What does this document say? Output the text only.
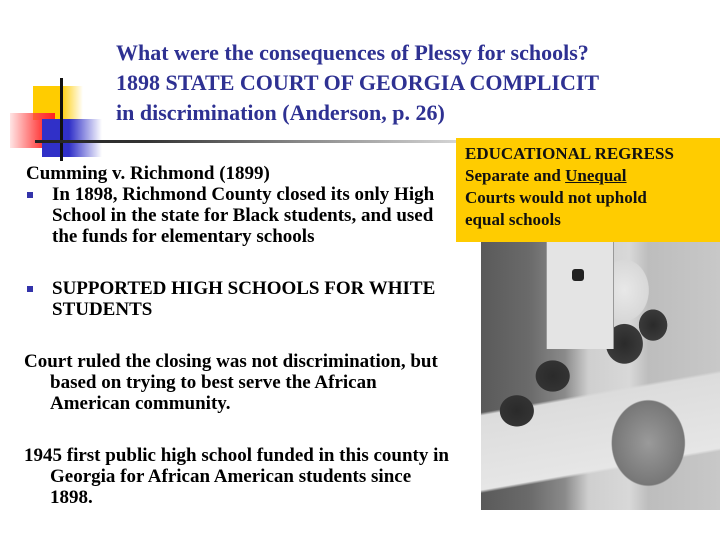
What were the consequences of Plessy for schools?
1898 STATE COURT OF GEORGIA COMPLICIT
in discrimination (Anderson, p. 26)
EDUCATIONAL REGRESS
Separate and Unequal
Courts would not uphold
equal schools

Cumming v. Richmond (1899)

In 1898, Richmond County closed its only High School in the state for Black students, and used the funds for elementary schools
SUPPORTED HIGH SCHOOLS FOR WHITE STUDENTS

Court ruled the closing was not discrimination, but based on trying to best serve the African American community.

1945 first public high school funded in this county in Georgia for African American students since 1898.
